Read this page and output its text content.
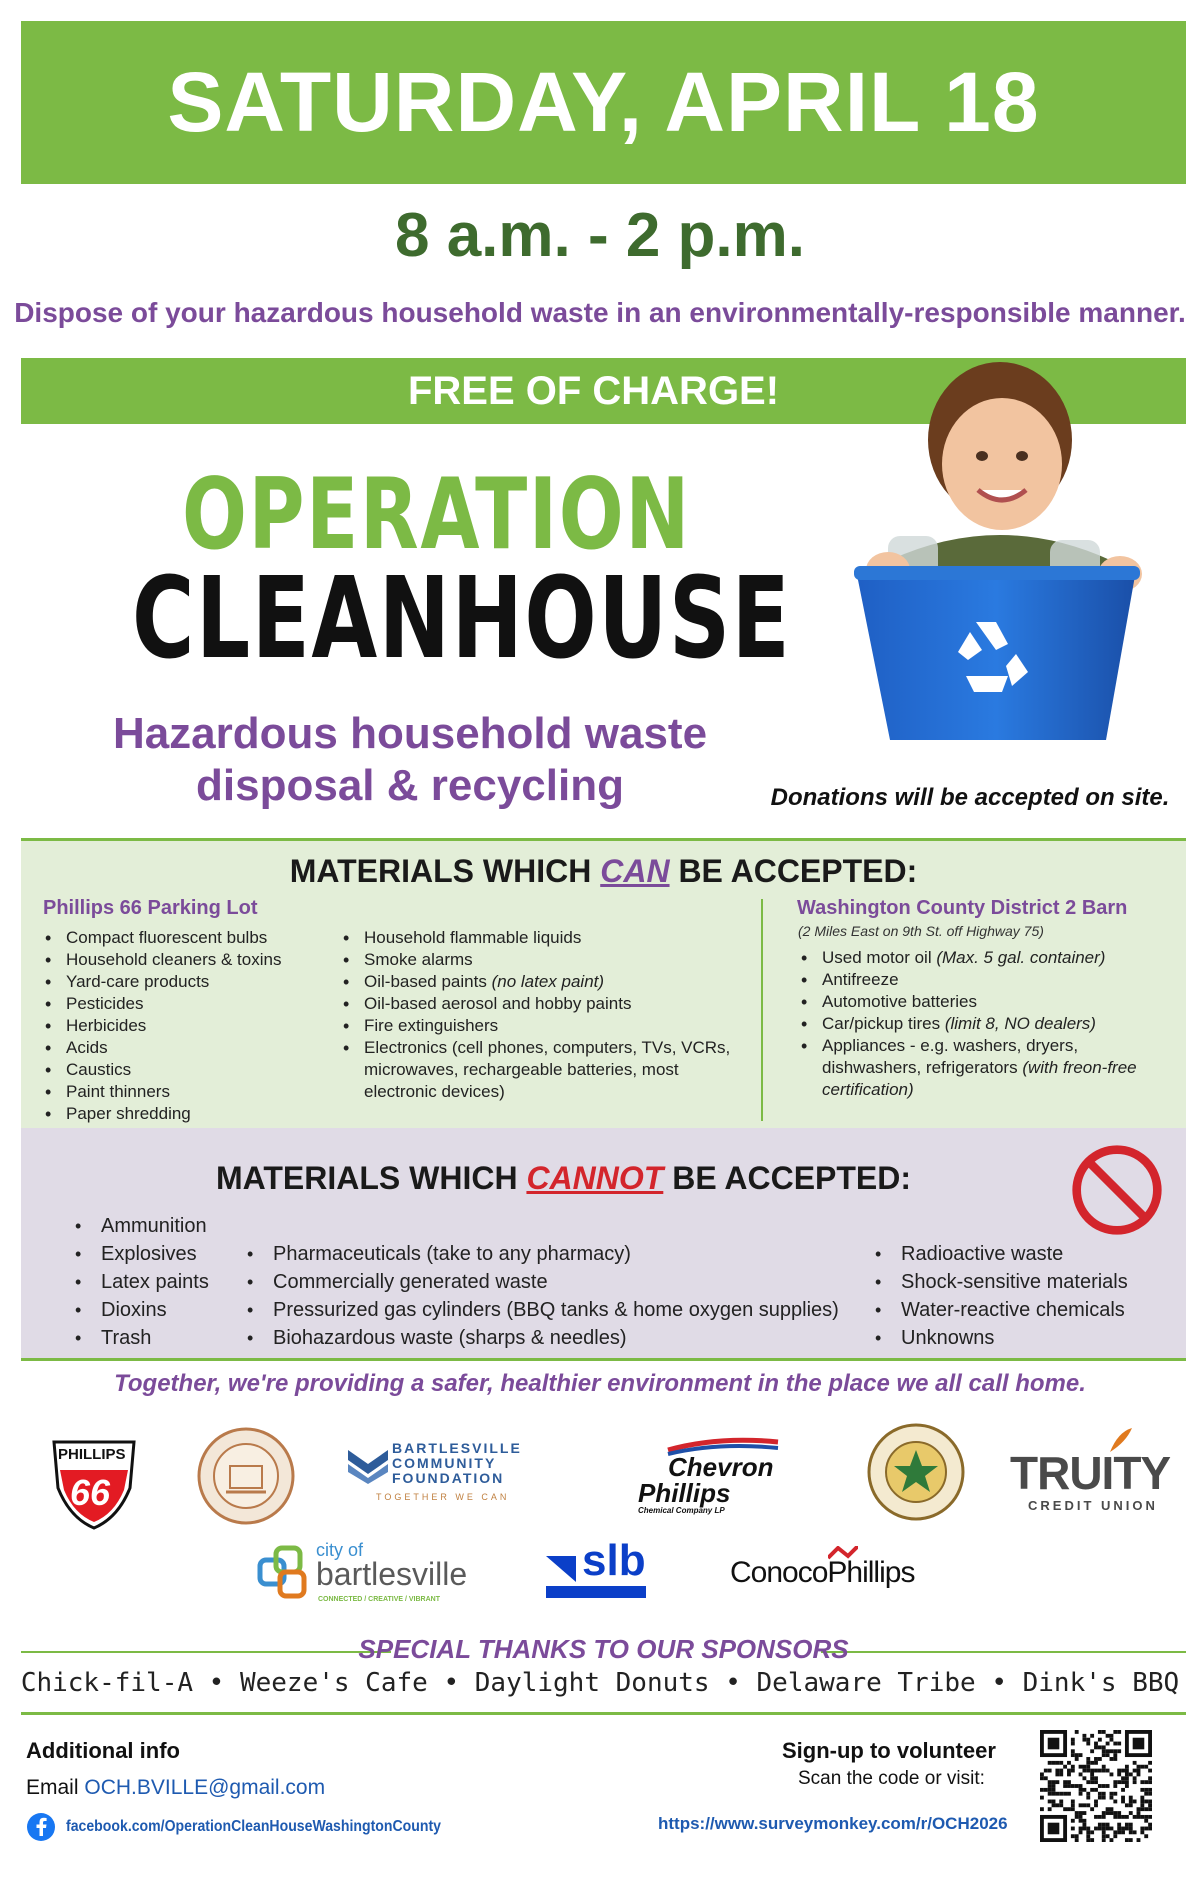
SATURDAY, APRIL 18
8 a.m. - 2 p.m.
Dispose of your hazardous household waste in an environmentally-responsible manner.
FREE OF CHARGE!
OPERATION
CLEANHOUSE
Hazardous household waste
disposal & recycling	Donations will be accepted on site.
MATERIALS WHICH CAN BE ACCEPTED:
Phillips 66 Parking Lot
• Compact fluorescent bulbs
• Household cleaners & toxins
• Yard-care products
• Pesticides
• Herbicides
• Acids
• Caustics
• Paint thinners
• Paper shredding
• Household flammable liquids
• Smoke alarms
• Oil-based paints (no latex paint)
• Oil-based aerosol and hobby paints
• Fire extinguishers
• Electronics (cell phones, computers, TVs, VCRs, microwaves, rechargeable batteries, most electronic devices)
Washington County District 2 Barn
(2 Miles East on 9th St. off Highway 75)
• Used motor oil (Max. 5 gal. container)
• Antifreeze
• Automotive batteries
• Car/pickup tires (limit 8, NO dealers)
• Appliances - e.g. washers, dryers, dishwashers, refrigerators (with freon-free certification)
MATERIALS WHICH CANNOT BE ACCEPTED:
• Ammunition
• Explosives
• Latex paints
• Dioxins
• Trash
• Pharmaceuticals (take to any pharmacy)
• Commercially generated waste
• Pressurized gas cylinders (BBQ tanks & home oxygen supplies)
• Biohazardous waste (sharps & needles)
• Radioactive waste
• Shock-sensitive materials
• Water-reactive chemicals
• Unknowns
Together, we're providing a safer, healthier environment in the place we all call home.
PHILLIPS
66
BARTLESVILLE
COMMUNITY
FOUNDATION
TOGETHER WE CAN
Chevron
Phillips
Chemical Company LP
TRUITY
CREDIT UNION
city of
bartlesville
CONNECTED / CREATIVE / VIBRANT
slb	ConocoPhillips
SPECIAL THANKS TO OUR SPONSORS
Chick-fil-A • Weeze's Cafe • Daylight Donuts • Delaware Tribe • Dink's BBQ
Additional info
Email OCH.BVILLE@gmail.com
facebook.com/OperationCleanHouseWashingtonCounty
Sign-up to volunteer
Scan the code or visit:
https://www.surveymonkey.com/r/OCH2026
